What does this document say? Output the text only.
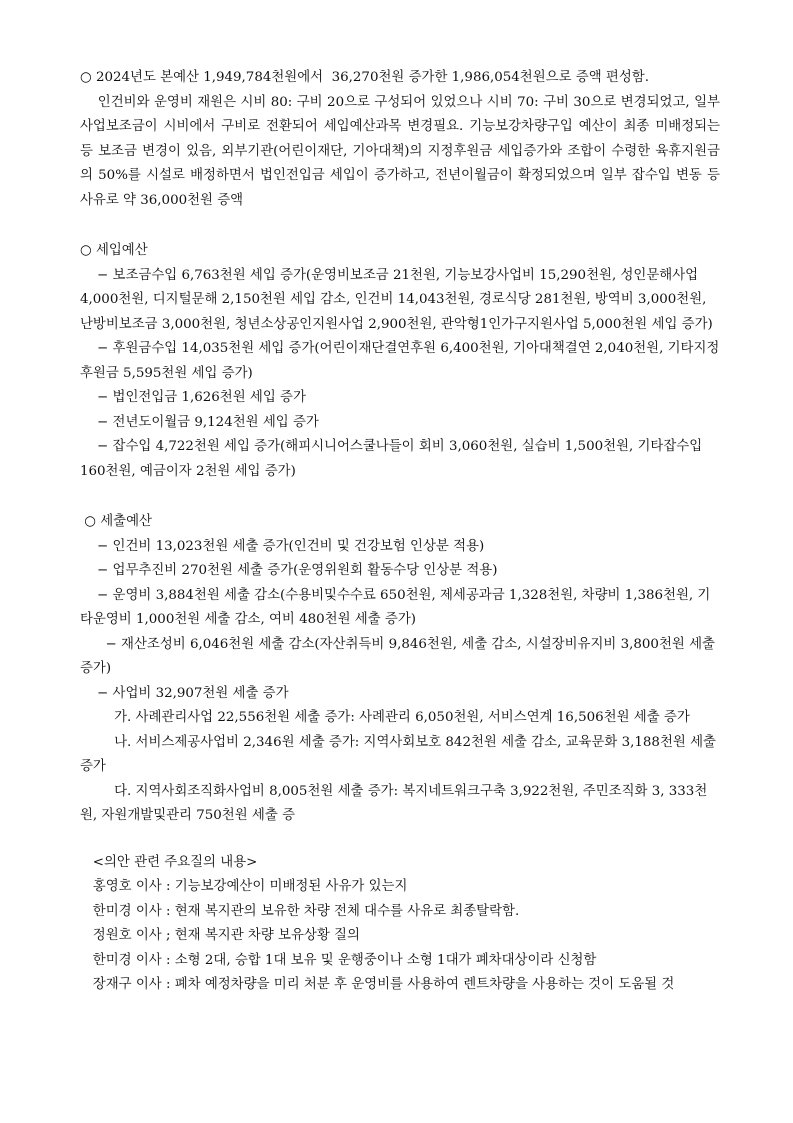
○ 2024년도 본예산 1,949,784천원에서  36,270천원 증가한 1,986,054천원으로 증액 편성함.
인건비와 운영비 재원은 시비 80: 구비 20으로 구성되어 있었으나 시비 70: 구비 30으로 변경되었고, 일부사업보조금이 시비에서 구비로 전환되어 세입예산과목 변경필요. 기능보강차량구입 예산이 최종 미배정되는 등 보조금 변경이 있음, 외부기관(어린이재단, 기아대책)의 지정후원금 세입증가와 조합이 수령한 육휴지원금의 50%를 시설로 배정하면서 법인전입금 세입이 증가하고, 전년이월금이 확정되었으며 일부 잡수입 변동 등 사유로 약 36,000천원 증액
○ 세입예산
− 보조금수입 6,763천원 세입 증가(운영비보조금 21천원, 기능보강사업비 15,290천원, 성인문해사업 4,000천원, 디지털문해 2,150천원 세입 감소, 인건비 14,043천원, 경로식당 281천원, 방역비 3,000천원, 난방비보조금 3,000천원, 청년소상공인지원사업 2,900천원, 관악형1인가구지원사업 5,000천원 세입 증가)
− 후원금수입 14,035천원 세입 증가(어린이재단결연후원 6,400천원, 기아대책결연 2,040천원, 기타지정후원금 5,595천원 세입 증가)
− 법인전입금 1,626천원 세입 증가
− 전년도이월금 9,124천원 세입 증가
− 잡수입 4,722천원 세입 증가(해피시니어스쿨나들이 회비 3,060천원, 실습비 1,500천원, 기타잡수입 160천원, 예금이자 2천원 세입 증가)
○ 세출예산
− 인건비 13,023천원 세출 증가(인건비 및 건강보험 인상분 적용)
− 업무추진비 270천원 세출 증가(운영위원회 활동수당 인상분 적용)
− 운영비 3,884천원 세출 감소(수용비및수수료 650천원, 제세공과금 1,328천원, 차량비 1,386천원, 기타운영비 1,000천원 세출 감소, 여비 480천원 세출 증가)
− 재산조성비 6,046천원 세출 감소(자산취득비 9,846천원, 세출 감소, 시설장비유지비 3,800천원 세출 증가)
− 사업비 32,907천원 세출 증가
가. 사례관리사업 22,556천원 세출 증가: 사례관리 6,050천원, 서비스연계 16,506천원 세출 증가
나. 서비스제공사업비 2,346원 세출 증가: 지역사회보호 842천원 세출 감소, 교육문화 3,188천원 세출 증가
다. 지역사회조직화사업비 8,005천원 세출 증가: 복지네트워크구축 3,922천원, 주민조직화 3, 333천원, 자원개발및관리 750천원 세출 증
<의안 관련 주요질의 내용>
홍영호 이사 : 기능보강예산이 미배정된 사유가 있는지
한미경 이사 : 현재 복지관의 보유한 차량 전체 대수를 사유로 최종탈락함.
정원호 이사 ; 현재 복지관 차량 보유상황 질의
한미경 이사 : 소형 2대, 승합 1대 보유 및 운행중이나 소형 1대가 폐차대상이라 신청함
장재구 이사 : 폐차 예정차량을 미리 처분 후 운영비를 사용하여 렌트차량을 사용하는 것이 도움될 것
